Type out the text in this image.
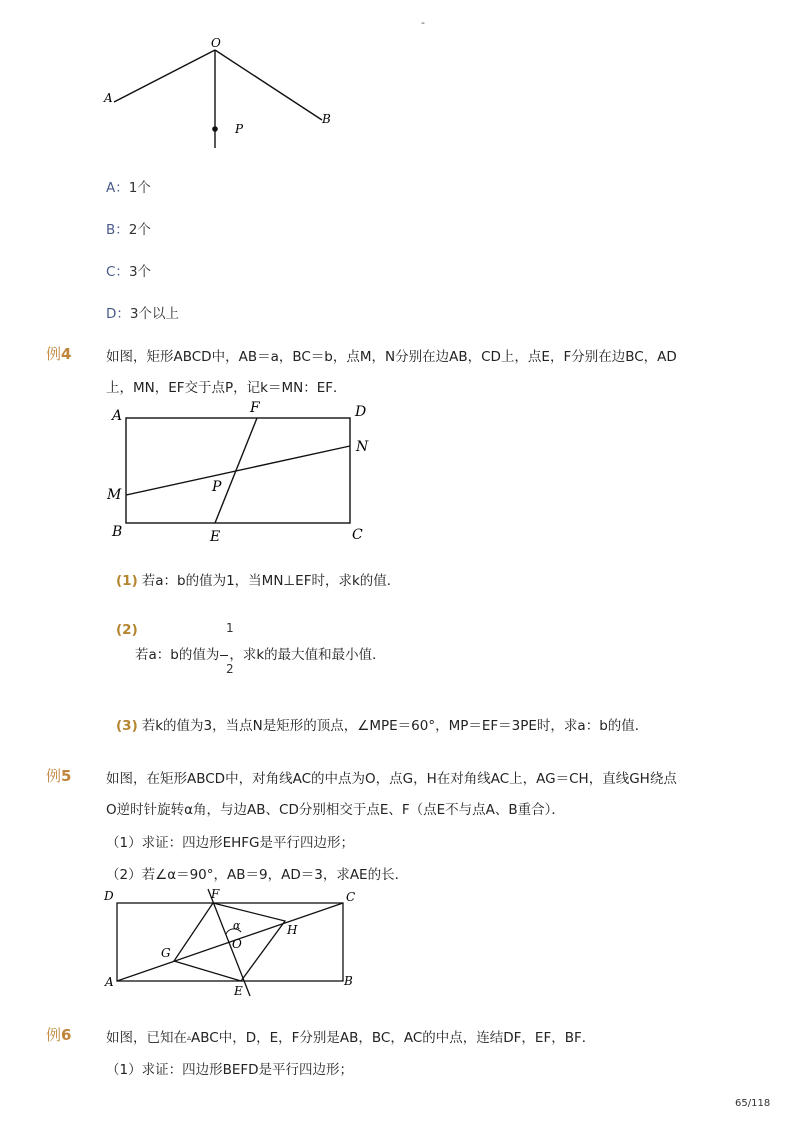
-
O
A
B
P
A：1个
B：2个
C：3个
D：3个以上
例4	如图，矩形ABCD中，AB＝a，BC＝b，点M，N分别在边AB，CD上，点E，F分别在边BC，AD
上，MN，EF交于点P，记k＝MN：EF．
A	F	D
N
M	P
B	E	C
(1) 若a：b的值为1，当MN⊥EF时，求k的值．
(2)	1
若a：b的值为 ，求k的最大值和最小值．
2
(3) 若k的值为3，当点N是矩形的顶点，∠MPE＝60°，MP＝EF＝3PE时，求a：b的值．
例5	如图，在矩形ABCD中，对角线AC的中点为O，点G，H在对角线AC上，AG＝CH，直线GH绕点
O逆时针旋转α角，与边AB、CD分别相交于点E、F（点E不与点A、B重合）．
（1）求证：四边形EHFG是平行四边形；
（2）若∠α＝90°，AB＝9，AD＝3，求AE的长．
D	F	C
α
O
H
G
A
E
B
例6	如图，已知在▵ABC中，D，E，F分别是AB，BC，AC的中点，连结DF，EF，BF．
（1）求证：四边形BEFD是平行四边形；
65/118
